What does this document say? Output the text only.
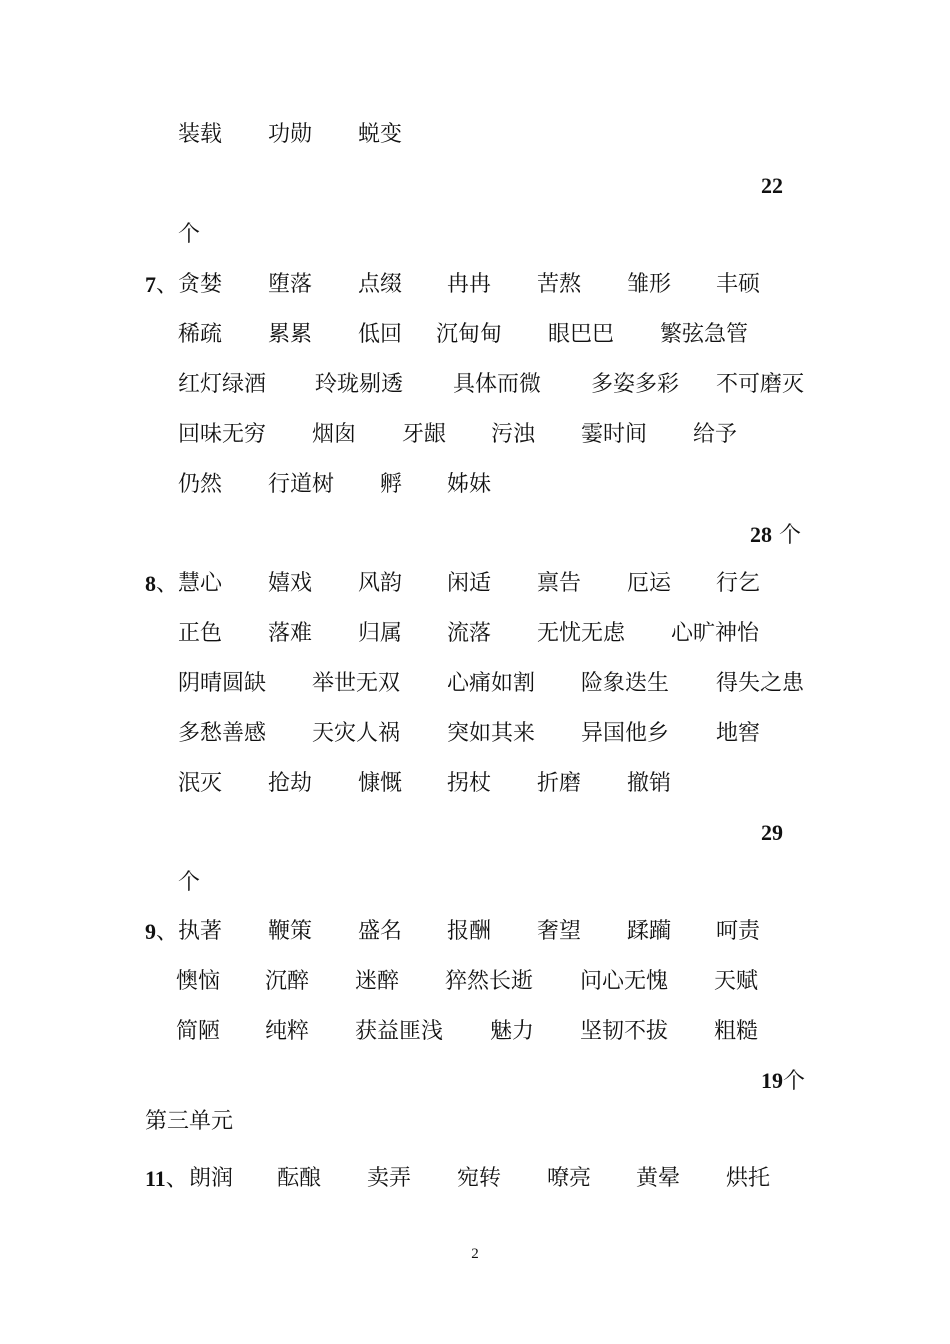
装载 功勋 蜕变
22
个
7、 贪婪 堕落 点缀 冉冉 苦熬 雏形 丰硕
稀疏 累累 低回 沉甸甸 眼巴巴 繁弦急管
红灯绿酒 玲珑剔透 具体而微 多姿多彩 不可磨灭
回味无穷 烟囱 牙龈 污浊 霎时间 给予
仍然 行道树 孵 姊妹
28 个
8、 慧心 嬉戏 风韵 闲适 禀告 厄运 行乞
正色 落难 归属 流落 无忧无虑 心旷神怡
阴晴圆缺 举世无双 心痛如割 险象迭生 得失之患
多愁善感 天灾人祸 突如其来 异国他乡 地窖
泯灭 抢劫 慷慨 拐杖 折磨 撤销
29
个
9、 执著 鞭策 盛名 报酬 奢望 蹂躏 呵责
懊恼 沉醉 迷醉 猝然长逝 问心无愧 天赋
简陋 纯粹 获益匪浅 魅力 坚韧不拔 粗糙
19个
第三单元
11、 朗润 酝酿 卖弄 宛转 嘹亮 黄晕 烘托
2
